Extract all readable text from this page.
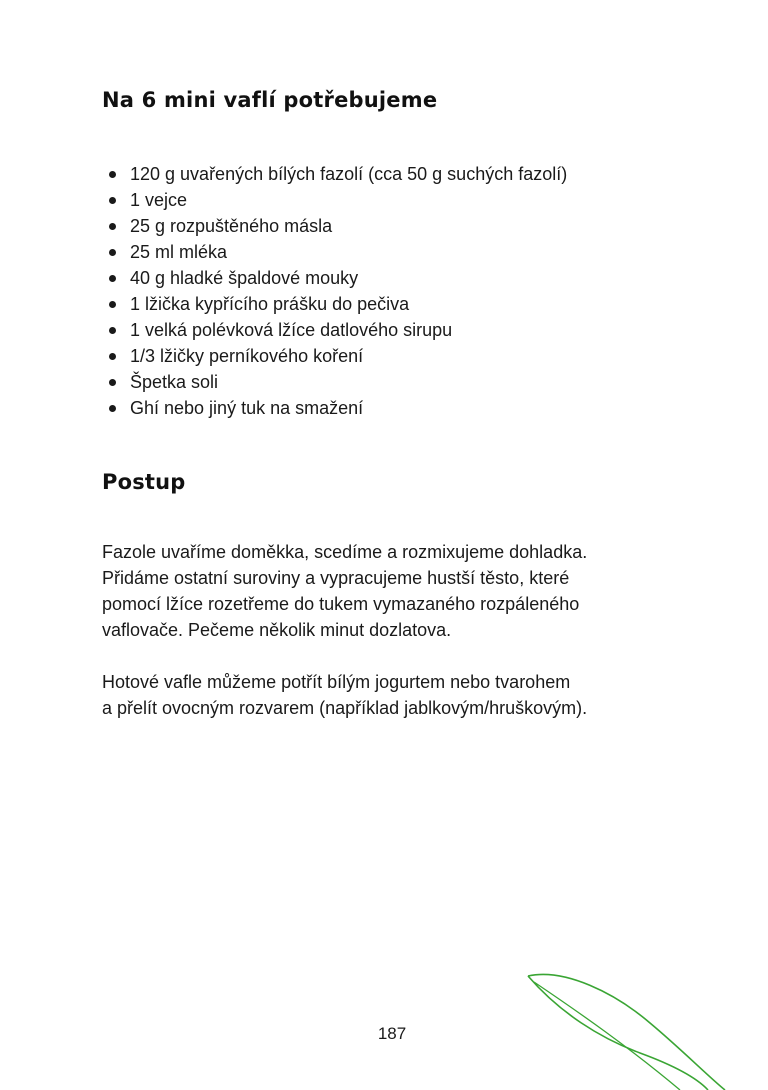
Na 6 mini vaflí potřebujeme
120 g uvařených bílých fazolí (cca 50 g suchých fazolí)
1 vejce
25 g rozpuštěného másla
25 ml mléka
40 g hladké špaldové mouky
1 lžička kypřícího prášku do pečiva
1 velká polévková lžíce datlového sirupu
1/3 lžičky perníkového koření
Špetka soli
Ghí nebo jiný tuk na smažení
Postup

Fazole uvaříme doměkka, scedíme a rozmixujeme dohladka.
Přidáme ostatní suroviny a vypracujeme hustší těsto, které
pomocí lžíce rozetřeme do tukem vymazaného rozpáleného
vaflovače. Pečeme několik minut dozlatova.

Hotové vafle můžeme potřít bílým jogurtem nebo tvarohem
a přelít ovocným rozvarem (například jablkovým/hruškovým).

187
